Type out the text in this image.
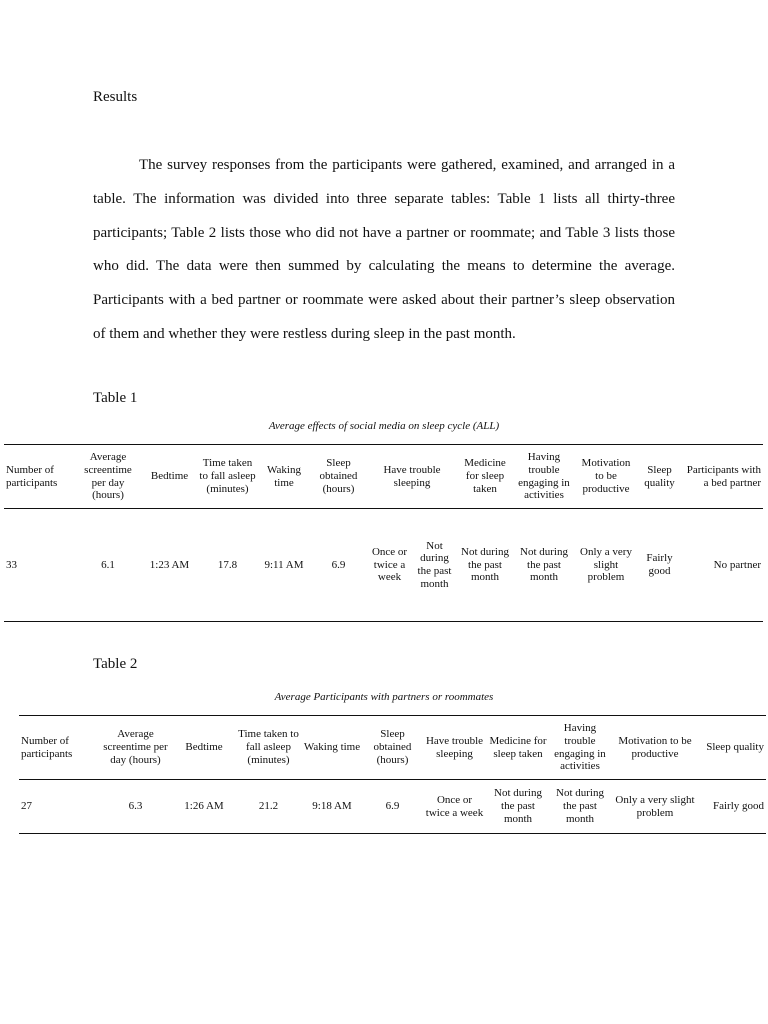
Results

The survey responses from the participants were gathered, examined, and arranged in a table. The information was divided into three separate tables: Table 1 lists all thirty-three participants; Table 2 lists those who did not have a partner or roommate; and Table 3 lists those who did. The data were then summed by calculating the means to determine the average. Participants with a bed partner or roommate were asked about their partner’s sleep observation of them and whether they were restless during sleep in the past month.

Table 1
Average effects of social media on sleep cycle (ALL)
Number of participants	Average screentime per day (hours)	Bedtime	Time taken to fall asleep (minutes)	Waking time	Sleep obtained (hours)	Have trouble sleeping		Medicine for sleep taken	Having trouble engaging in activities	Motivation to be productive	Sleep quality	Participants with a bed partner
33	6.1	1:23 AM	17.8	9:11 AM	6.9	Once or twice a week	Not during the past month	Not during the past month	Not during the past month	Only a very slight problem	Fairly good	No partner
Table 2
Average Participants with partners or roommates
Number of participants	Average screentime per day (hours)	Bedtime	Time taken to fall asleep (minutes)	Waking time	Sleep obtained (hours)	Have trouble sleeping	Medicine for sleep taken	Having trouble engaging in activities	Motivation to be productive	Sleep quality
27	6.3	1:26 AM	21.2	9:18 AM	6.9	Once or twice a week	Not during the past month	Not during the past month	Only a very slight problem	Fairly good
